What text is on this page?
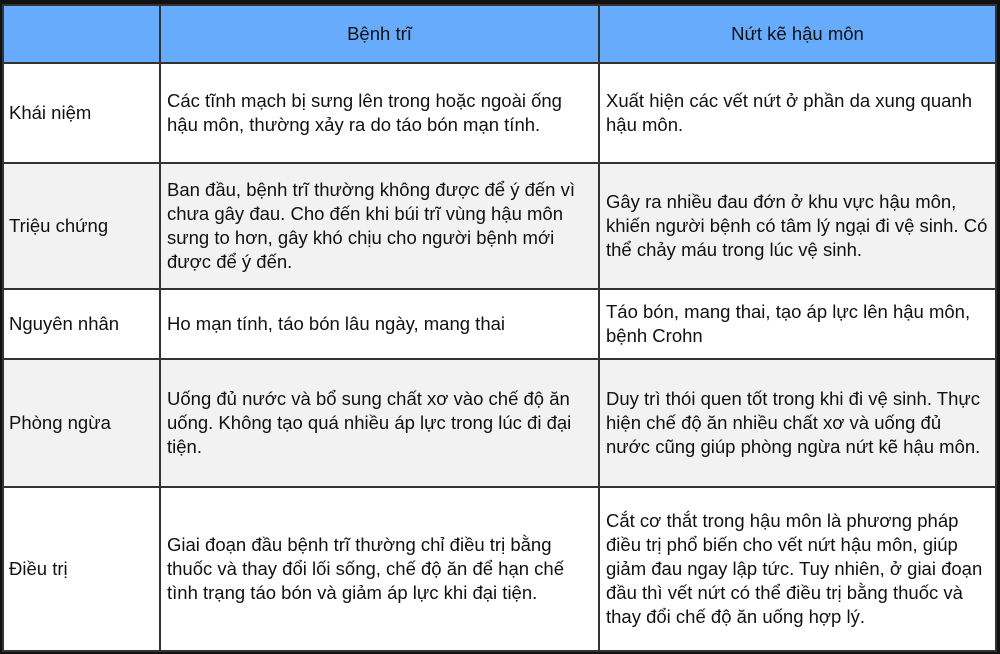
	Bệnh trĩ	Nứt kẽ hậu môn
Khái niệm	Các tĩnh mạch bị sưng lên trong hoặc ngoài ống hậu môn, thường xảy ra do táo bón mạn tính.	Xuất hiện các vết nứt ở phần da xung quanh hậu môn.
Triệu chứng	Ban đầu, bệnh trĩ thường không được để ý đến vì chưa gây đau. Cho đến khi búi trĩ vùng hậu môn sưng to hơn, gây khó chịu cho người bệnh mới được để ý đến.	Gây ra nhiều đau đớn ở khu vực hậu môn, khiến người bệnh có tâm lý ngại đi vệ sinh. Có thể chảy máu trong lúc vệ sinh.
Nguyên nhân	Ho mạn tính, táo bón lâu ngày, mang thai	Táo bón, mang thai, tạo áp lực lên hậu môn, bệnh Crohn
Phòng ngừa	Uống đủ nước và bổ sung chất xơ vào chế độ ăn uống. Không tạo quá nhiều áp lực trong lúc đi đại tiện.	Duy trì thói quen tốt trong khi đi vệ sinh. Thực hiện chế độ ăn nhiều chất xơ và uống đủ nước cũng giúp phòng ngừa nứt kẽ hậu môn.
Điều trị	Giai đoạn đầu bệnh trĩ thường chỉ điều trị bằng thuốc và thay đổi lối sống, chế độ ăn để hạn chế tình trạng táo bón và giảm áp lực khi đại tiện.	Cắt cơ thắt trong hậu môn là phương pháp điều trị phổ biến cho vết nứt hậu môn, giúp giảm đau ngay lập tức. Tuy nhiên, ở giai đoạn đầu thì vết nứt có thể điều trị bằng thuốc và thay đổi chế độ ăn uống hợp lý.
